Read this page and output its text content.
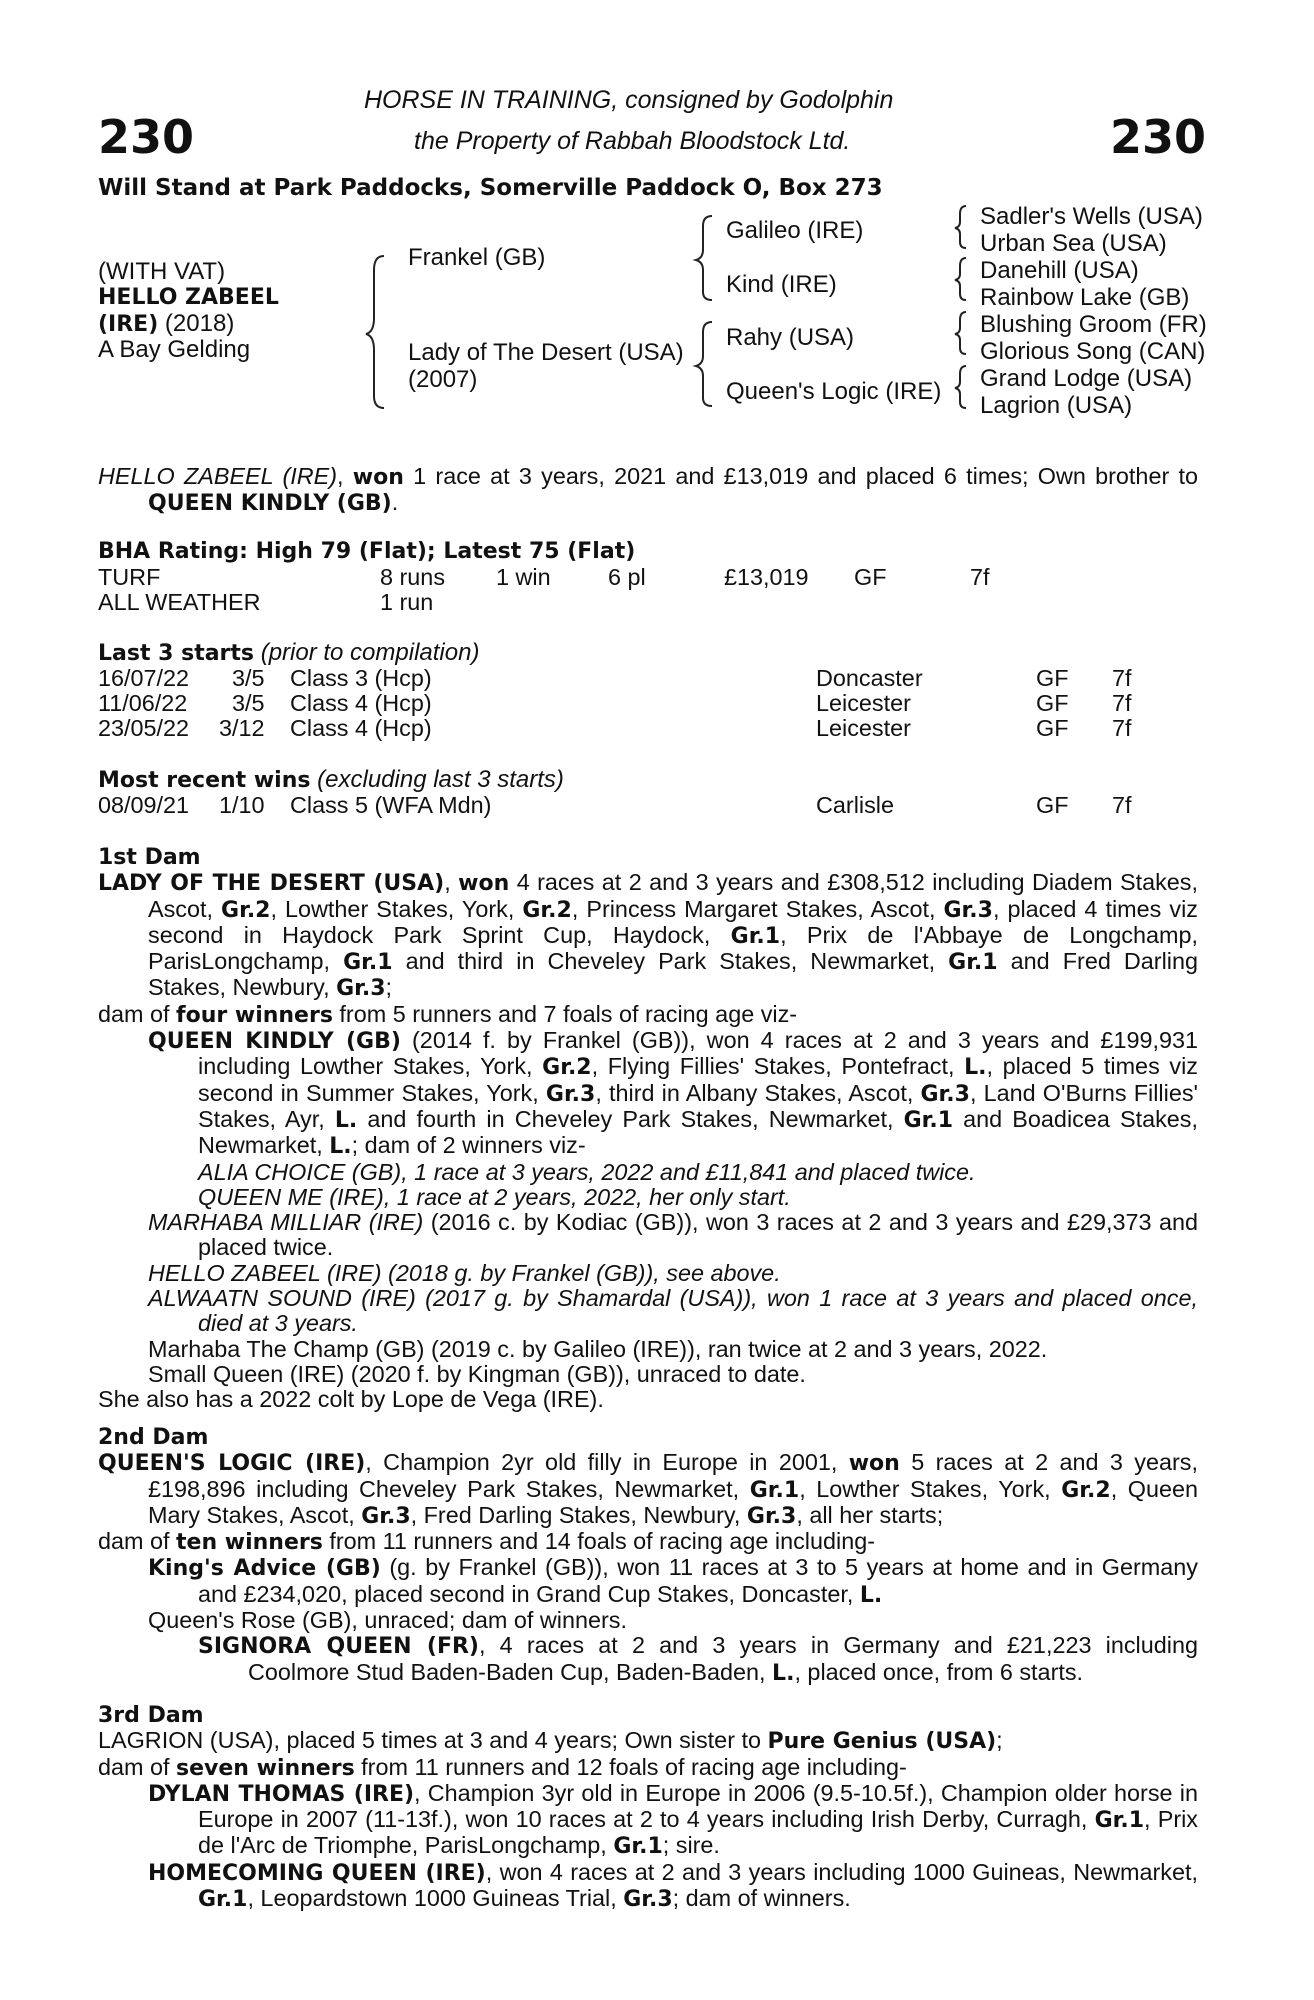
230	230
HORSE IN TRAINING, consigned by Godolphin
the Property of Rabbah Bloodstock Ltd.
Will Stand at Park Paddocks, Somerville Paddock O, Box 273
(WITH VAT)
HELLO ZABEEL
(IRE) (2018)
A Bay Gelding
Frankel (GB)
Lady of The Desert (USA)
(2007)
Galileo (IRE)
Kind (IRE)
Rahy (USA)
Queen's Logic (IRE)
Sadler's Wells (USA)
Urban Sea (USA)
Danehill (USA)
Rainbow Lake (GB)
Blushing Groom (FR)
Glorious Song (CAN)
Grand Lodge (USA)
Lagrion (USA)

HELLO ZABEEL (IRE), won 1 race at 3 years, 2021 and £13,019 and placed 6 times; Own brother to QUEEN KINDLY (GB).

BHA Rating: High 79 (Flat); Latest 75 (Flat)
TURF	8 runs 1 win 6 pl	£13,019 GF	7f
ALL WEATHER	1 run
Last 3 starts (prior to compilation)
16/07/22 3/5 Class 3 (Hcp)	Doncaster	GF 7f
11/06/22 3/5 Class 4 (Hcp)	Leicester	GF 7f
23/05/22 3/12 Class 4 (Hcp)	Leicester	GF 7f
Most recent wins (excluding last 3 starts)
08/09/21 1/10 Class 5 (WFA Mdn)	Carlisle	GF 7f

1st Dam

LADY OF THE DESERT (USA), won 4 races at 2 and 3 years and £308,512 including Diadem Stakes, Ascot, Gr.2, Lowther Stakes, York, Gr.2, Princess Margaret Stakes, Ascot, Gr.3, placed 4 times viz second in Haydock Park Sprint Cup, Haydock, Gr.1, Prix de l'Abbaye de Longchamp, ParisLongchamp, Gr.1 and third in Cheveley Park Stakes, Newmarket, Gr.1 and Fred Darling Stakes, Newbury, Gr.3;

dam of four winners from 5 runners and 7 foals of racing age viz-

QUEEN KINDLY (GB) (2014 f. by Frankel (GB)), won 4 races at 2 and 3 years and £199,931 including Lowther Stakes, York, Gr.2, Flying Fillies' Stakes, Pontefract, L., placed 5 times viz second in Summer Stakes, York, Gr.3, third in Albany Stakes, Ascot, Gr.3, Land O'Burns Fillies' Stakes, Ayr, L. and fourth in Cheveley Park Stakes, Newmarket, Gr.1 and Boadicea Stakes, Newmarket, L.; dam of 2 winners viz-

ALIA CHOICE (GB), 1 race at 3 years, 2022 and £11,841 and placed twice.

QUEEN ME (IRE), 1 race at 2 years, 2022, her only start.

MARHABA MILLIAR (IRE) (2016 c. by Kodiac (GB)), won 3 races at 2 and 3 years and £29,373 and placed twice.

HELLO ZABEEL (IRE) (2018 g. by Frankel (GB)), see above.

ALWAATN SOUND (IRE) (2017 g. by Shamardal (USA)), won 1 race at 3 years and placed once, died at 3 years.

Marhaba The Champ (GB) (2019 c. by Galileo (IRE)), ran twice at 2 and 3 years, 2022.

Small Queen (IRE) (2020 f. by Kingman (GB)), unraced to date.

She also has a 2022 colt by Lope de Vega (IRE).

2nd Dam

QUEEN'S LOGIC (IRE), Champion 2yr old filly in Europe in 2001, won 5 races at 2 and 3 years, £198,896 including Cheveley Park Stakes, Newmarket, Gr.1, Lowther Stakes, York, Gr.2, Queen Mary Stakes, Ascot, Gr.3, Fred Darling Stakes, Newbury, Gr.3, all her starts;

dam of ten winners from 11 runners and 14 foals of racing age including-

King's Advice (GB) (g. by Frankel (GB)), won 11 races at 3 to 5 years at home and in Germany and £234,020, placed second in Grand Cup Stakes, Doncaster, L.

Queen's Rose (GB), unraced; dam of winners.

SIGNORA QUEEN (FR), 4 races at 2 and 3 years in Germany and £21,223 including Coolmore Stud Baden-Baden Cup, Baden-Baden, L., placed once, from 6 starts.

3rd Dam

LAGRION (USA), placed 5 times at 3 and 4 years; Own sister to Pure Genius (USA);

dam of seven winners from 11 runners and 12 foals of racing age including-

DYLAN THOMAS (IRE), Champion 3yr old in Europe in 2006 (9.5-10.5f.), Champion older horse in Europe in 2007 (11-13f.), won 10 races at 2 to 4 years including Irish Derby, Curragh, Gr.1, Prix de l'Arc de Triomphe, ParisLongchamp, Gr.1; sire.

HOMECOMING QUEEN (IRE), won 4 races at 2 and 3 years including 1000 Guineas, Newmarket, Gr.1, Leopardstown 1000 Guineas Trial, Gr.3; dam of winners.
